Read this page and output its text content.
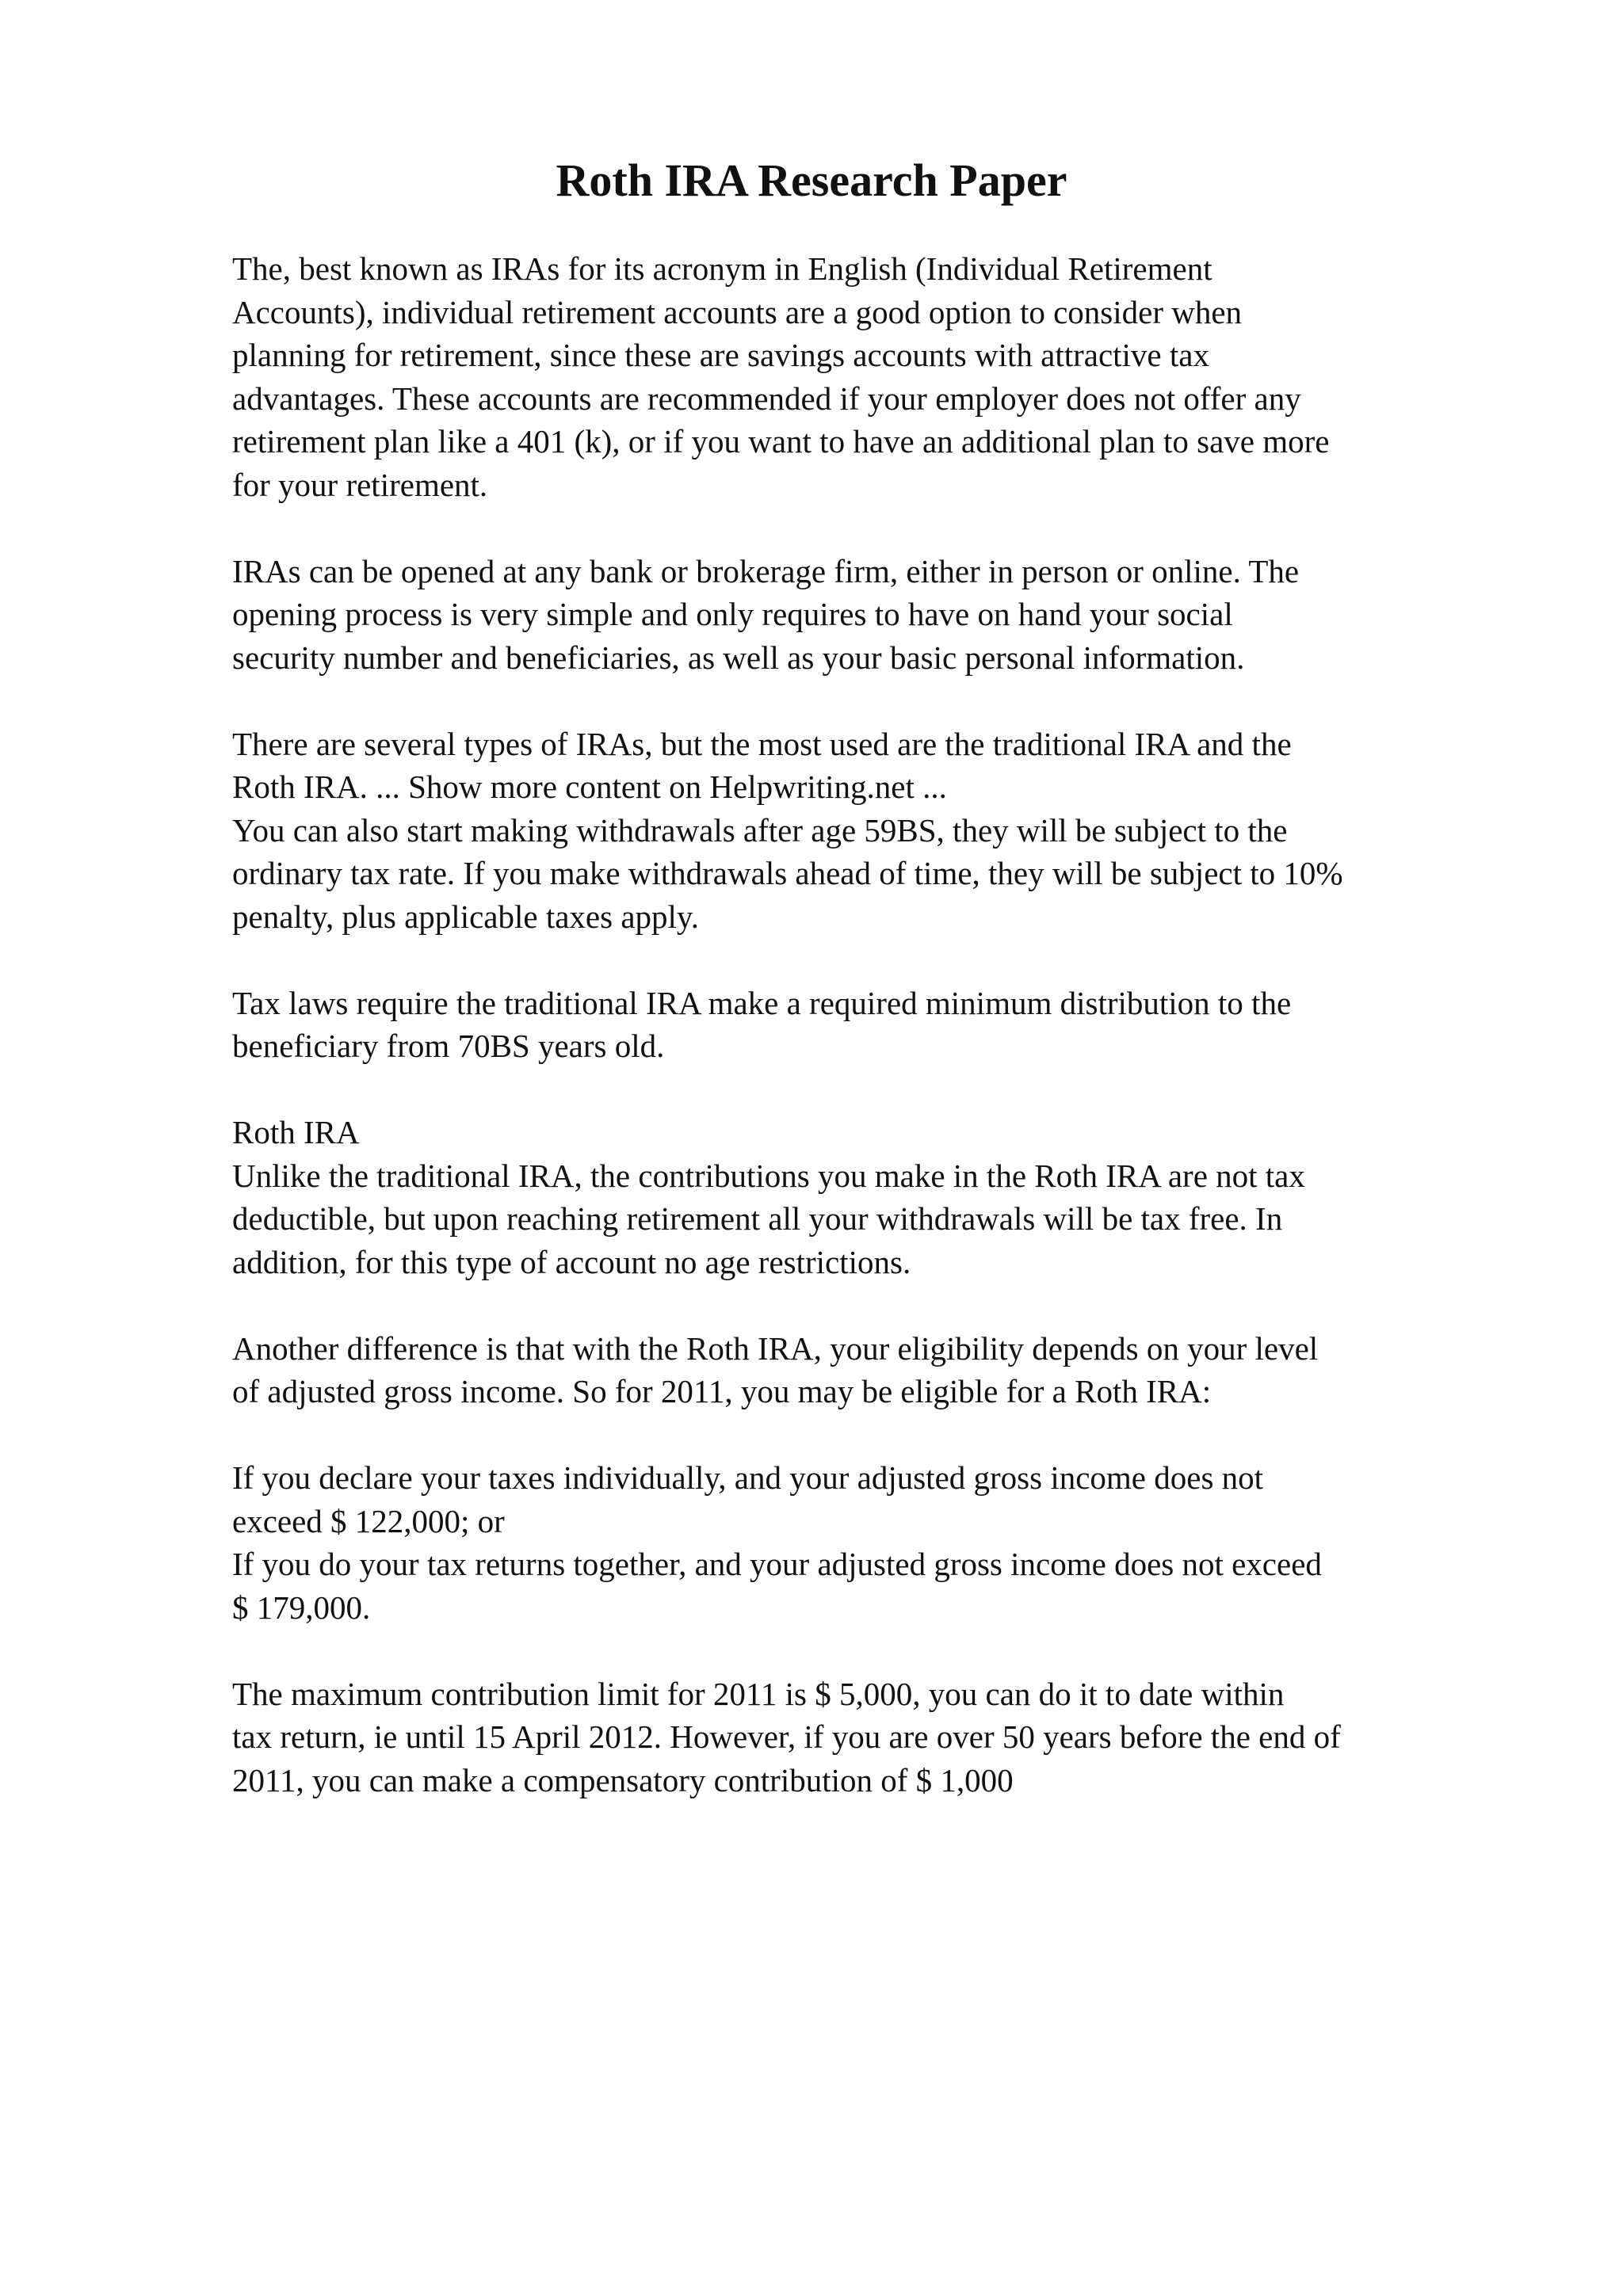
Roth IRA Research Paper
The, best known as IRAs for its acronym in English (Individual Retirement
Accounts), individual retirement accounts are a good option to consider when
planning for retirement, since these are savings accounts with attractive tax
advantages. These accounts are recommended if your employer does not offer any
retirement plan like a 401 (k), or if you want to have an additional plan to save more
for your retirement.
IRAs can be opened at any bank or brokerage firm, either in person or online. The
opening process is very simple and only requires to have on hand your social
security number and beneficiaries, as well as your basic personal information.
There are several types of IRAs, but the most used are the traditional IRA and the
Roth IRA. ... Show more content on Helpwriting.net ...
You can also start making withdrawals after age 59BS, they will be subject to the
ordinary tax rate. If you make withdrawals ahead of time, they will be subject to 10%
penalty, plus applicable taxes apply.
Tax laws require the traditional IRA make a required minimum distribution to the
beneficiary from 70BS years old.
Roth IRA
Unlike the traditional IRA, the contributions you make in the Roth IRA are not tax
deductible, but upon reaching retirement all your withdrawals will be tax free. In
addition, for this type of account no age restrictions.
Another difference is that with the Roth IRA, your eligibility depends on your level
of adjusted gross income. So for 2011, you may be eligible for a Roth IRA:
If you declare your taxes individually, and your adjusted gross income does not
exceed $ 122,000; or
If you do your tax returns together, and your adjusted gross income does not exceed
$ 179,000.
The maximum contribution limit for 2011 is $ 5,000, you can do it to date within
tax return, ie until 15 April 2012. However, if you are over 50 years before the end of
2011, you can make a compensatory contribution of $ 1,000
